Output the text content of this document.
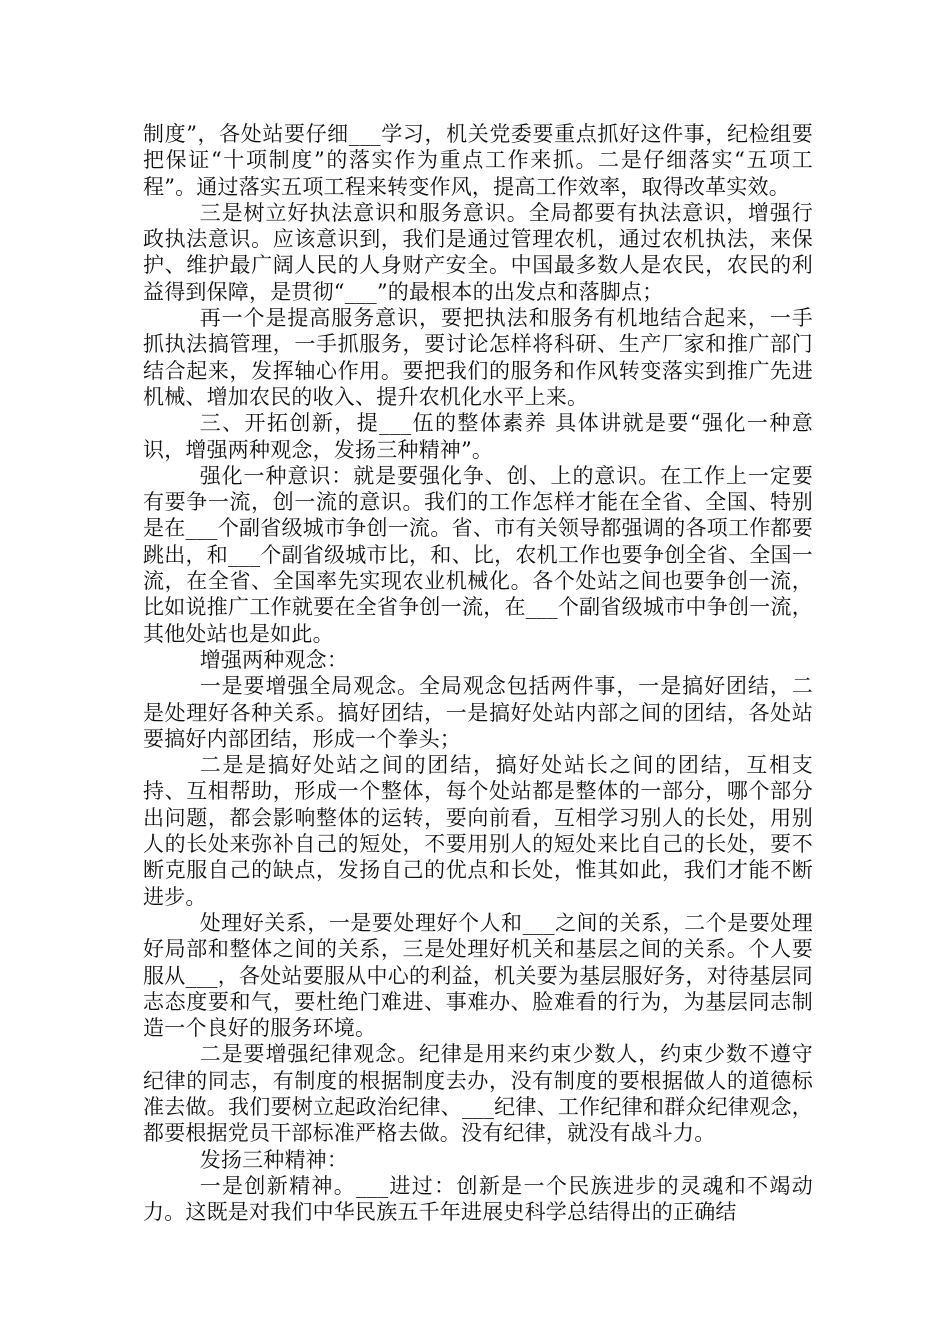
制度”，各处站要仔细___学习，机关党委要重点抓好这件事，纪检组要把保证“十项制度”的落实作为重点工作来抓。二是仔细落实“五项工程”。通过落实五项工程来转变作风，提高工作效率，取得改革实效。

三是树立好执法意识和服务意识。全局都要有执法意识，增强行政执法意识。应该意识到，我们是通过管理农机，通过农机执法，来保护、维护最广阔人民的人身财产安全。中国最多数人是农民，农民的利益得到保障，是贯彻“___”的最根本的出发点和落脚点；

再一个是提高服务意识，要把执法和服务有机地结合起来，一手抓执法搞管理，一手抓服务，要讨论怎样将科研、生产厂家和推广部门结合起来，发挥轴心作用。要把我们的服务和作风转变落实到推广先进机械、增加农民的收入、提升农机化水平上来。

三、开拓创新，提___伍的整体素养 具体讲就是要“强化一种意识，增强两种观念，发扬三种精神”。

强化一种意识：就是要强化争、创、上的意识。在工作上一定要有要争一流，创一流的意识。我们的工作怎样才能在全省、全国、特别是在___个副省级城市争创一流。省、市有关领导都强调的各项工作都要跳出，和___个副省级城市比，和、比，农机工作也要争创全省、全国一流，在全省、全国率先实现农业机械化。各个处站之间也要争创一流，比如说推广工作就要在全省争创一流，在___个副省级城市中争创一流，其他处站也是如此。

增强两种观念：

一是要增强全局观念。全局观念包括两件事，一是搞好团结，二是处理好各种关系。搞好团结，一是搞好处站内部之间的团结，各处站要搞好内部团结，形成一个拳头；

二是是搞好处站之间的团结，搞好处站长之间的团结，互相支持、互相帮助，形成一个整体，每个处站都是整体的一部分，哪个部分出问题，都会影响整体的运转，要向前看，互相学习别人的长处，用别人的长处来弥补自己的短处，不要用别人的短处来比自己的长处，要不断克服自己的缺点，发扬自己的优点和长处，惟其如此，我们才能不断进步。

处理好关系，一是要处理好个人和___之间的关系，二个是要处理好局部和整体之间的关系，三是处理好机关和基层之间的关系。个人要服从___，各处站要服从中心的利益，机关要为基层服好务，对待基层同志态度要和气，要杜绝门难进、事难办、脸难看的行为，为基层同志制造一个良好的服务环境。

二是要增强纪律观念。纪律是用来约束少数人，约束少数不遵守纪律的同志，有制度的根据制度去办，没有制度的要根据做人的道德标准去做。我们要树立起政治纪律、___纪律、工作纪律和群众纪律观念，都要根据党员干部标准严格去做。没有纪律，就没有战斗力。

发扬三种精神：

一是创新精神。___进过：创新是一个民族进步的灵魂和不竭动力。这既是对我们中华民族五千年进展史科学总结得出的正确结
